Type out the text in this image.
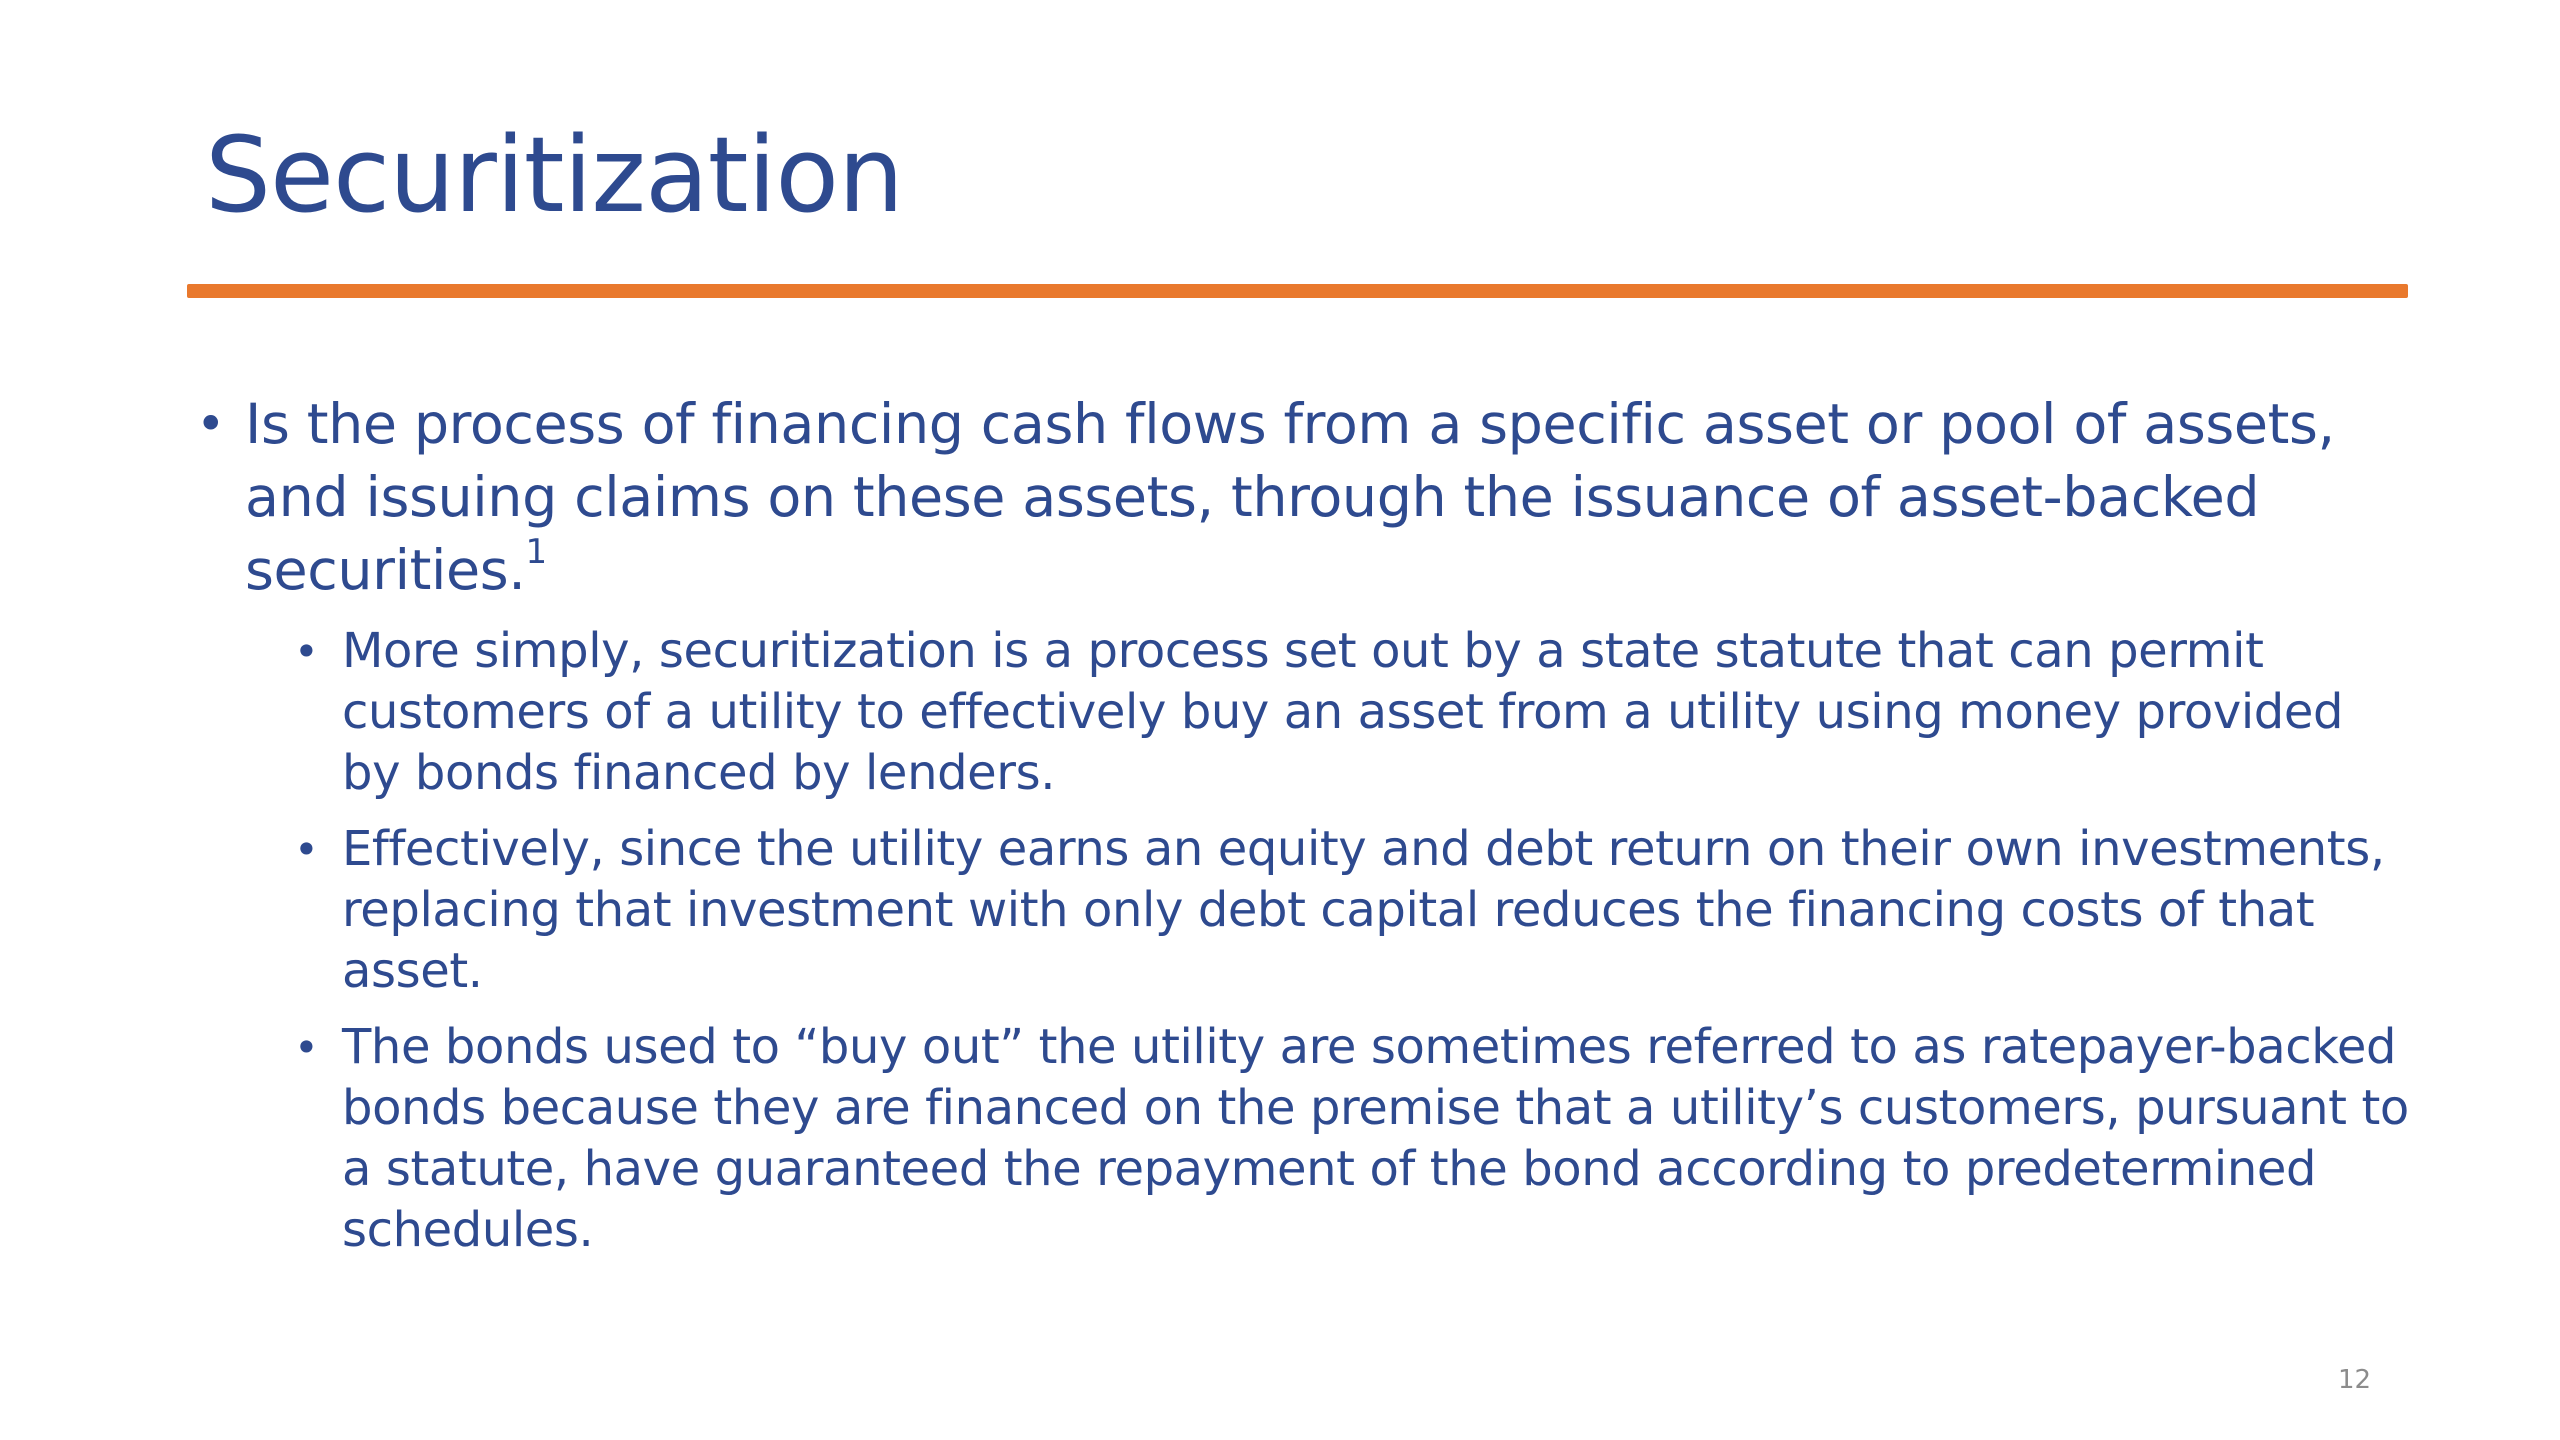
Securitization
• Is the process of financing cash flows from a specific asset or pool of assets, and issuing claims on these assets, through the issuance of asset-backed securities.$^1$
• More simply, securitization is a process set out by a state statute that can permit customers of a utility to effectively buy an asset from a utility using money provided by bonds financed by lenders.
• Effectively, since the utility earns an equity and debt return on their own investments, replacing that investment with only debt capital reduces the financing costs of that asset.
• The bonds used to “buy out” the utility are sometimes referred to as ratepayer-backed bonds because they are financed on the premise that a utility’s customers, pursuant to a statute, have guaranteed the repayment of the bond according to predetermined schedules.
12
